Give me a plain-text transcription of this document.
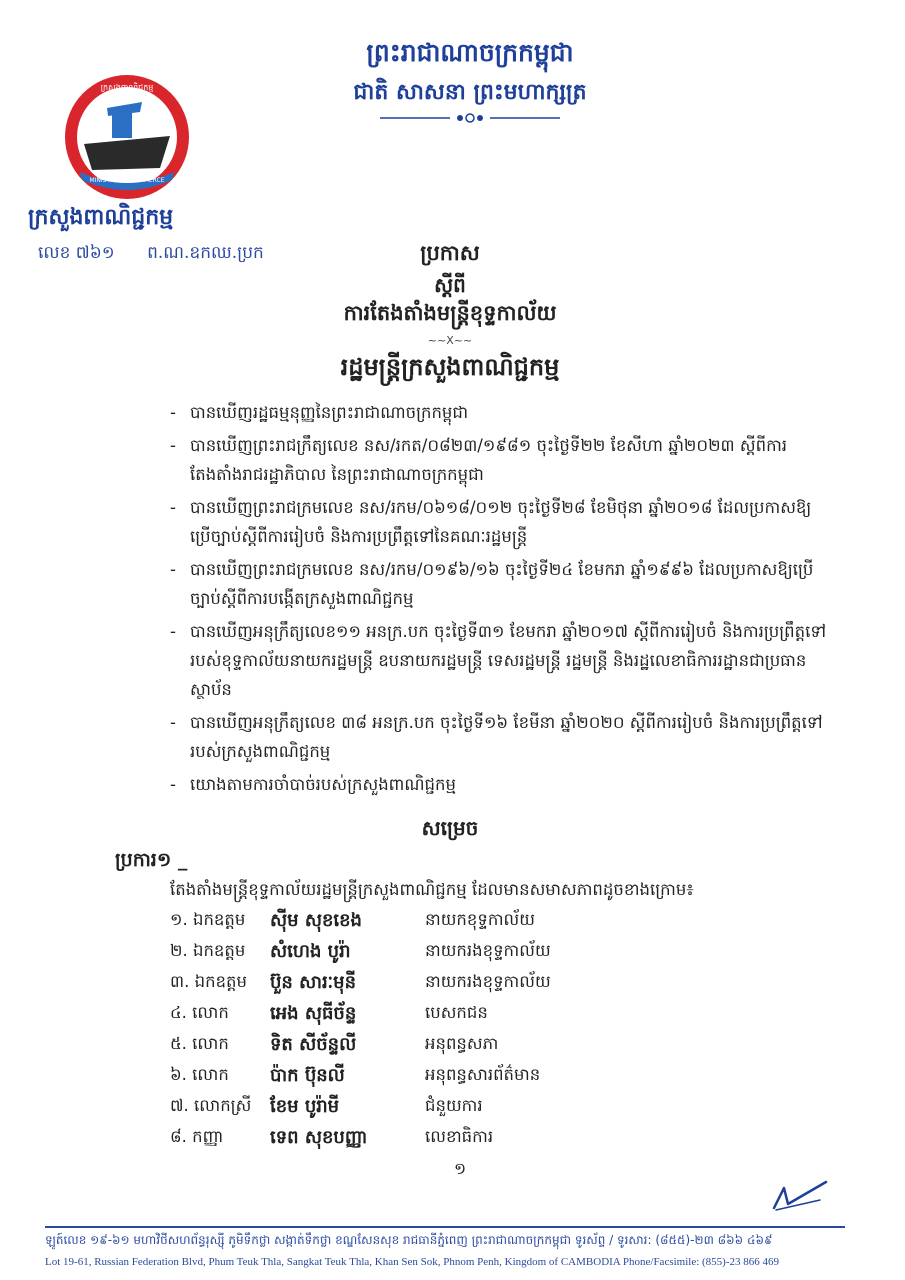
ព្រះរាជាណាចក្រកម្ពុជា
ជាតិ សាសនា ព្រះមហាក្សត្រ
MINISTRY OF COMMERCE
ក្រសួងពាណិជ្ជកម្ម
ក្រសួងពាណិជ្ជកម្ម
លេខ ៧៦១ ព.ណ.ឧកឈ.ប្រក	ប្រកាស
ស្តីពី
ការតែងតាំងមន្ត្រីខុទ្ទកាល័យ
~~X~~
រដ្ឋមន្ត្រីក្រសួងពាណិជ្ជកម្ម
- បានឃើញរដ្ឋធម្មនុញ្ញនៃព្រះរាជាណាចក្រកម្ពុជា
- បានឃើញព្រះរាជក្រឹត្យលេខ នស/រកត/០៨២៣/១៩៨១ ចុះថ្ងៃទី២២ ខែសីហា ឆ្នាំ២០២៣ ស្តីពីការតែងតាំងរាជរដ្ឋាភិបាល នៃព្រះរាជាណាចក្រកម្ពុជា
- បានឃើញព្រះរាជក្រមលេខ នស/រកម/០៦១៨/០១២ ចុះថ្ងៃទី២៨ ខែមិថុនា ឆ្នាំ២០១៨ ដែលប្រកាសឱ្យប្រើច្បាប់ស្តីពីការរៀបចំ និងការប្រព្រឹត្តទៅនៃគណៈរដ្ឋមន្ត្រី
- បានឃើញព្រះរាជក្រមលេខ នស/រកម/០១៩៦/១៦ ចុះថ្ងៃទី២៤ ខែមករា ឆ្នាំ១៩៩៦ ដែលប្រកាសឱ្យប្រើច្បាប់ស្តីពីការបង្កើតក្រសួងពាណិជ្ជកម្ម
- បានឃើញអនុក្រឹត្យលេខ១១ អនក្រ.បក ចុះថ្ងៃទី៣១ ខែមករា ឆ្នាំ២០១៧ ស្តីពីការរៀបចំ និងការប្រព្រឹត្តទៅរបស់ខុទ្ទកាល័យនាយករដ្ឋមន្ត្រី ឧបនាយករដ្ឋមន្ត្រី ទេសរដ្ឋមន្ត្រី រដ្ឋមន្ត្រី និងរដ្ឋលេខាធិការរដ្ឋានជាប្រធានស្ថាប័ន
- បានឃើញអនុក្រឹត្យលេខ ៣៨ អនក្រ.បក ចុះថ្ងៃទី១៦ ខែមីនា ឆ្នាំ២០២០ ស្តីពីការរៀបចំ និងការប្រព្រឹត្តទៅរបស់ក្រសួងពាណិជ្ជកម្ម
- យោងតាមការចាំបាច់របស់ក្រសួងពាណិជ្ជកម្ម
សម្រេច
ប្រការ១ _
តែងតាំងមន្ត្រីខុទ្ទកាល័យរដ្ឋមន្ត្រីក្រសួងពាណិជ្ជកម្ម ដែលមានសមាសភាពដូចខាងក្រោម៖
១. ឯកឧត្តម	ស៊ីម សុខខេង	នាយកខុទ្ទកាល័យ
២. ឯកឧត្តម	សំហេង បូរ៉ា	នាយករងខុទ្ទកាល័យ
៣. ឯកឧត្តម	ប៊ួន សារៈមុនី	នាយករងខុទ្ទកាល័យ
៤. លោក	អេង សុធីច័ន្ទ	បេសកជន
៥. លោក	ទិត សីច័ន្ទលី	អនុពន្ធសភា
៦. លោក	ប៉ាក ប៊ុនលី	អនុពន្ធសារព័ត៌មាន
៧. លោកស្រី	ខែម បូរ៉ាមី	ជំនួយការ
៨. កញ្ញា	ទេព សុខបញ្ញា	លេខាធិការ
១
ឡូត៍លេខ ១៩-៦១ មហាវិថីសហព័ន្ធរុស្ស៊ី ភូមិទឹកថ្លា សង្កាត់ទឹកថ្លា ខណ្ឌសែនសុខ រាជធានីភ្នំពេញ ព្រះរាជាណាចក្រកម្ពុជា ទូរស័ព្ទ / ទូរសារ: (៨៥៥)-២៣ ៨៦៦ ៤៦៩
Lot 19-61, Russian Federation Blvd, Phum Teuk Thla, Sangkat Teuk Thla, Khan Sen Sok, Phnom Penh, Kingdom of CAMBODIA Phone/Facsimile: (855)-23 866 469
